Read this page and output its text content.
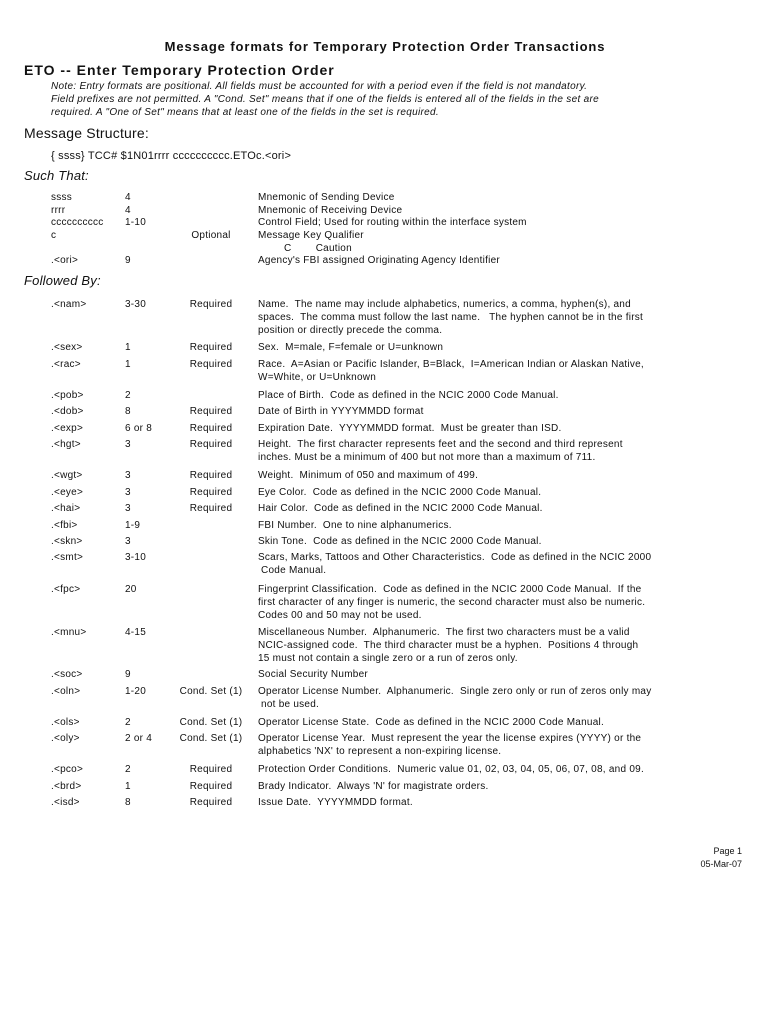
Message formats for Temporary Protection Order Transactions
ETO -- Enter Temporary Protection Order
Note: Entry formats are positional. All fields must be accounted for with a period even if the field is not mandatory.
Field prefixes are not permitted. A "Cond. Set" means that if one of the fields is entered all of the fields in the set are
required. A "One of Set" means that at least one of the fields in the set is required.
Message Structure:
{ ssss} TCC# $1N01rrrr cccccccccc.ETOc.<ori>
Such That:
ssss	4	Mnemonic of Sending Device
rrrr	4	Mnemonic of Receiving Device
cccccccccc 1-10	Control Field; Used for routing within the interface system
c	Optional	Message Key Qualifier
C        Caution
.<ori>	9	Agency's FBI assigned Originating Agency Identifier
Followed By:
.<nam>	3-30	Required	Name.  The name may include alphabetics, numerics, a comma, hyphen(s), and
spaces.  The comma must follow the last name.   The hyphen cannot be in the first
position or directly precede the comma.
.<sex>	1	Required	Sex.  M=male, F=female or U=unknown
.<rac>	1	Required	Race.  A=Asian or Pacific Islander, B=Black,  I=American Indian or Alaskan Native,
W=White, or U=Unknown
.<pob>	2	Place of Birth.  Code as defined in the NCIC 2000 Code Manual.
.<dob>	8	Required	Date of Birth in YYYYMMDD format
.<exp>	6 or 8	Required	Expiration Date.  YYYYMMDD format.  Must be greater than ISD.
.<hgt>	3	Required	Height.  The first character represents feet and the second and third represent
inches. Must be a minimum of 400 but not more than a maximum of 711.
.<wgt>	3	Required	Weight.  Minimum of 050 and maximum of 499.
.<eye>	3	Required	Eye Color.  Code as defined in the NCIC 2000 Code Manual.
.<hai>	3	Required	Hair Color.  Code as defined in the NCIC 2000 Code Manual.
.<fbi>	1-9	FBI Number.  One to nine alphanumerics.
.<skn>	3	Skin Tone.  Code as defined in the NCIC 2000 Code Manual.
.<smt>	3-10	Scars, Marks, Tattoos and Other Characteristics.  Code as defined in the NCIC 2000
Code Manual.
.<fpc>	20	Fingerprint Classification.  Code as defined in the NCIC 2000 Code Manual.  If the
first character of any finger is numeric, the second character must also be numeric.
Codes 00 and 50 may not be used.
.<mnu>	4-15	Miscellaneous Number.  Alphanumeric.  The first two characters must be a valid
NCIC-assigned code.  The third character must be a hyphen.  Positions 4 through
15 must not contain a single zero or a run of zeros only.
.<soc>	9	Social Security Number
.<oln>	1-20	Cond. Set (1)	Operator License Number.  Alphanumeric.  Single zero only or run of zeros only may
not be used.
.<ols>	2	Cond. Set (1)	Operator License State.  Code as defined in the NCIC 2000 Code Manual.
.<oly>	2 or 4	Cond. Set (1)	Operator License Year.  Must represent the year the license expires (YYYY) or the
alphabetics 'NX' to represent a non-expiring license.
.<pco>	2	Required	Protection Order Conditions.  Numeric value 01, 02, 03, 04, 05, 06, 07, 08, and 09.
.<brd>	1	Required	Brady Indicator.  Always 'N' for magistrate orders.
.<isd>	8	Required	Issue Date.  YYYYMMDD format.
Page 1
05-Mar-07
